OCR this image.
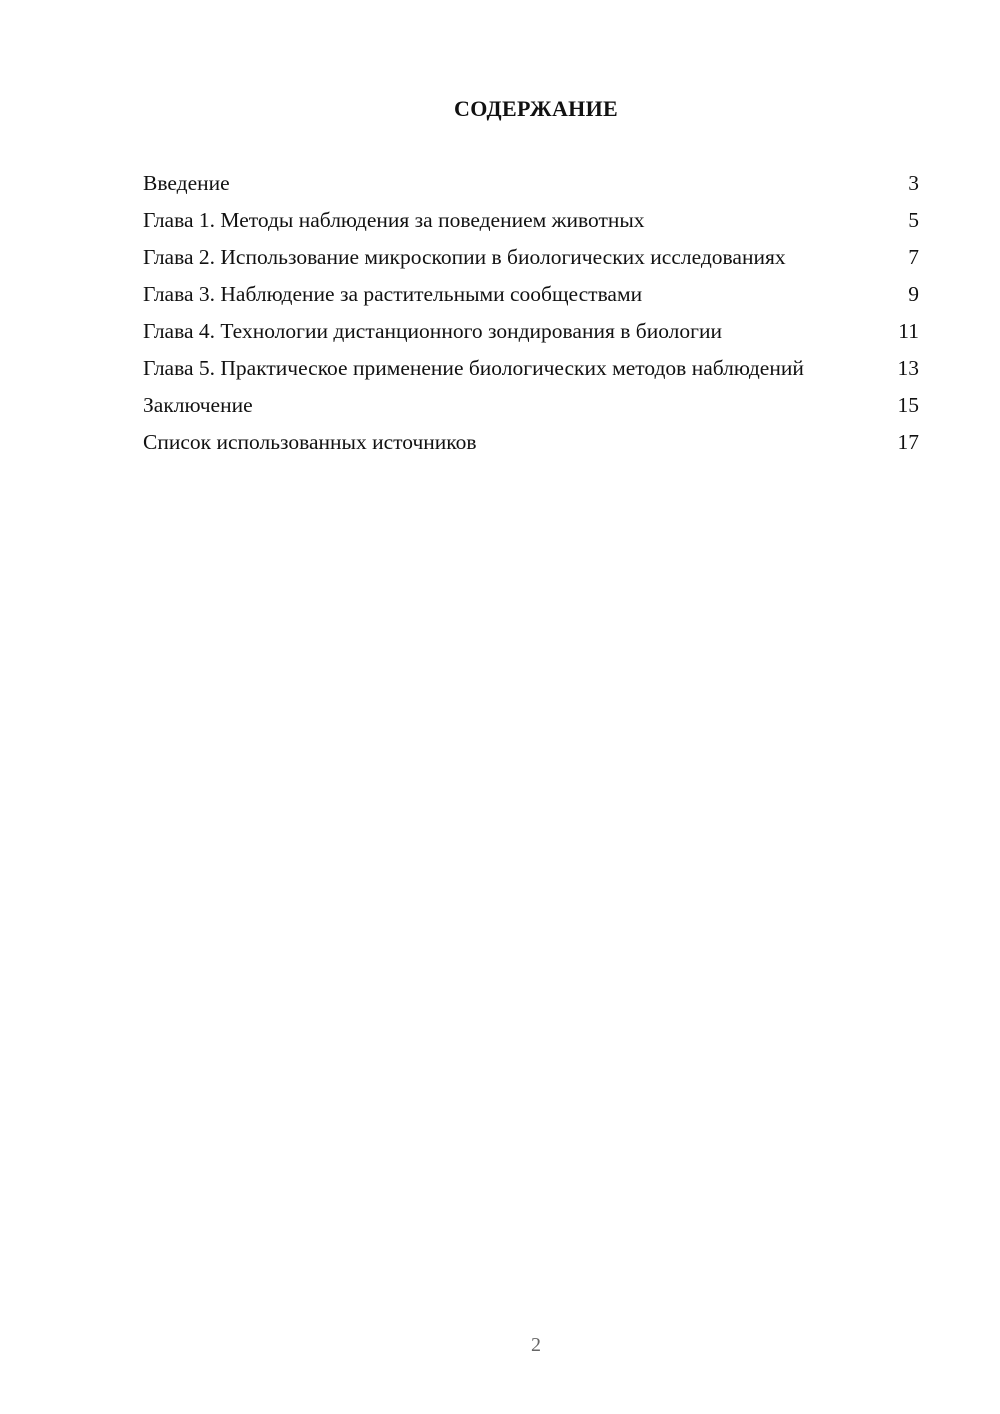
СОДЕРЖАНИЕ
Введение	3
Глава 1. Методы наблюдения за поведением животных	5
Глава 2. Использование микроскопии в биологических исследованиях	7
Глава 3. Наблюдение за растительными сообществами	9
Глава 4. Технологии дистанционного зондирования в биологии	11
Глава 5. Практическое применение биологических методов наблюдений	13
Заключение	15
Список использованных источников	17
2
